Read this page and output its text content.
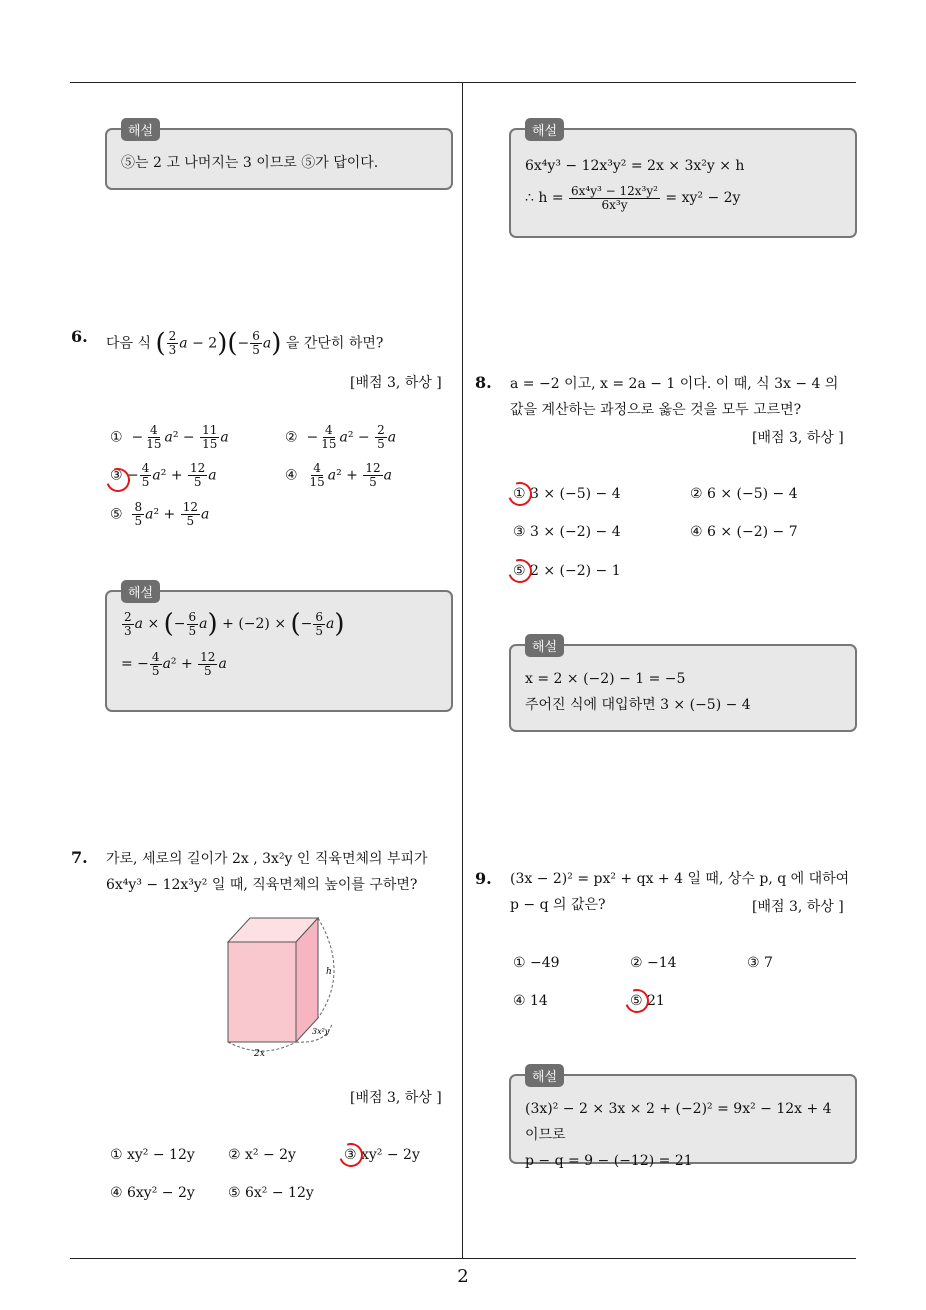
2
해설
⑤는 2 고 나머지는 3 이므로 ⑤가 답이다.
6. 다음 식 ( $\frac{2}{3}$ $a - 2)(- \frac{6}{5} a)$ 을 간단히 하면?
[배점 3, 하상 ]
①  − $\frac{4}{15} a^2 - \frac{11}{15}$ a	②  − $\frac{4}{15} a^2 - \frac{2}{5}$ a
③ − $\frac{4}{5} a^2 + \frac{12}{5}$ a	④ $\frac{4}{15} a^2 + \frac{12}{5}$ a
⑤ $\frac{8}{5} a^2 + \frac{12}{5}$ a
해설
$\frac{2}{3}$ a × (− $\frac{6}{5} a) + (-2)$ × (− $\frac{6}{5} a$)
= − $\frac{4}{5} a^2 + \frac{12}{5}$ a
7. 가로, 세로의 길이가 2x , 3x²y 인 직육면체의 부피가
6x⁴y³ − 12x³y² 일 때, 직육면체의 높이를 구하면?
h
2x
3x²y
[배점 3, 하상 ]
① xy² − 12y ② x² − 2y	③ xy² − 2y
④ 6xy² − 2y ⑤ 6x² − 12y
해설
6x⁴y³ − 12x³y² = 2x × 3x²y × h
∴ $h = \frac{\text{6x⁴y³ − 12x³y²}}{\text{6x³y}} = xy^2 - 2y$
8. a = −2 이고, x = 2a − 1 이다. 이 때, 식 3x − 4 의
값을 계산하는 과정으로 옳은 것을 모두 고르면?
[배점 3, 하상 ]
① 3 × (−5) − 4	② 6 × (−5) − 4
③ 3 × (−2) − 4	④ 6 × (−2) − 7
⑤ 2 × (−2) − 1
해설
x = 2 × (−2) − 1 = −5
주어진 식에 대입하면 3 × (−5) − 4
9. (3x − 2)² = px² + qx + 4 일 때, 상수 p, q 에 대하여
p − q 의 값은?	[배점 3, 하상 ]
① −49	② −14	③ 7
④ 14	⑤ 21
해설
(3x)² − 2 × 3x × 2 + (−2)² = 9x² − 12x + 4 이므로
p − q = 9 − (−12) = 21
